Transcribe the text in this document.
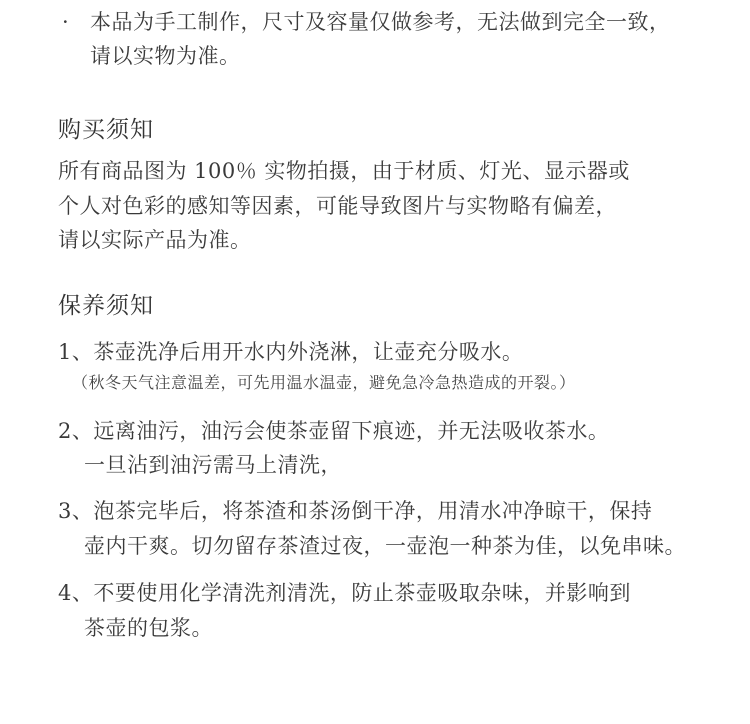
· 本品为手工制作，尺寸及容量仅做参考，无法做到完全一致，
请以实物为准。
购买须知
所有商品图为 100％ 实物拍摄，由于材质、灯光、显示器或
个人对色彩的感知等因素，可能导致图片与实物略有偏差，
请以实际产品为准。
保养须知
1、茶壶洗净后用开水内外浇淋，让壶充分吸水。
（秋冬天气注意温差，可先用温水温壶，避免急冷急热造成的开裂。）
2、远离油污，油污会使茶壶留下痕迹，并无法吸收茶水。
一旦沾到油污需马上清洗，
3、泡茶完毕后，将茶渣和茶汤倒干净，用清水冲净晾干，保持
壶内干爽。切勿留存茶渣过夜，一壶泡一种茶为佳，以免串味。
4、不要使用化学清洗剂清洗，防止茶壶吸取杂味，并影响到
茶壶的包浆。
